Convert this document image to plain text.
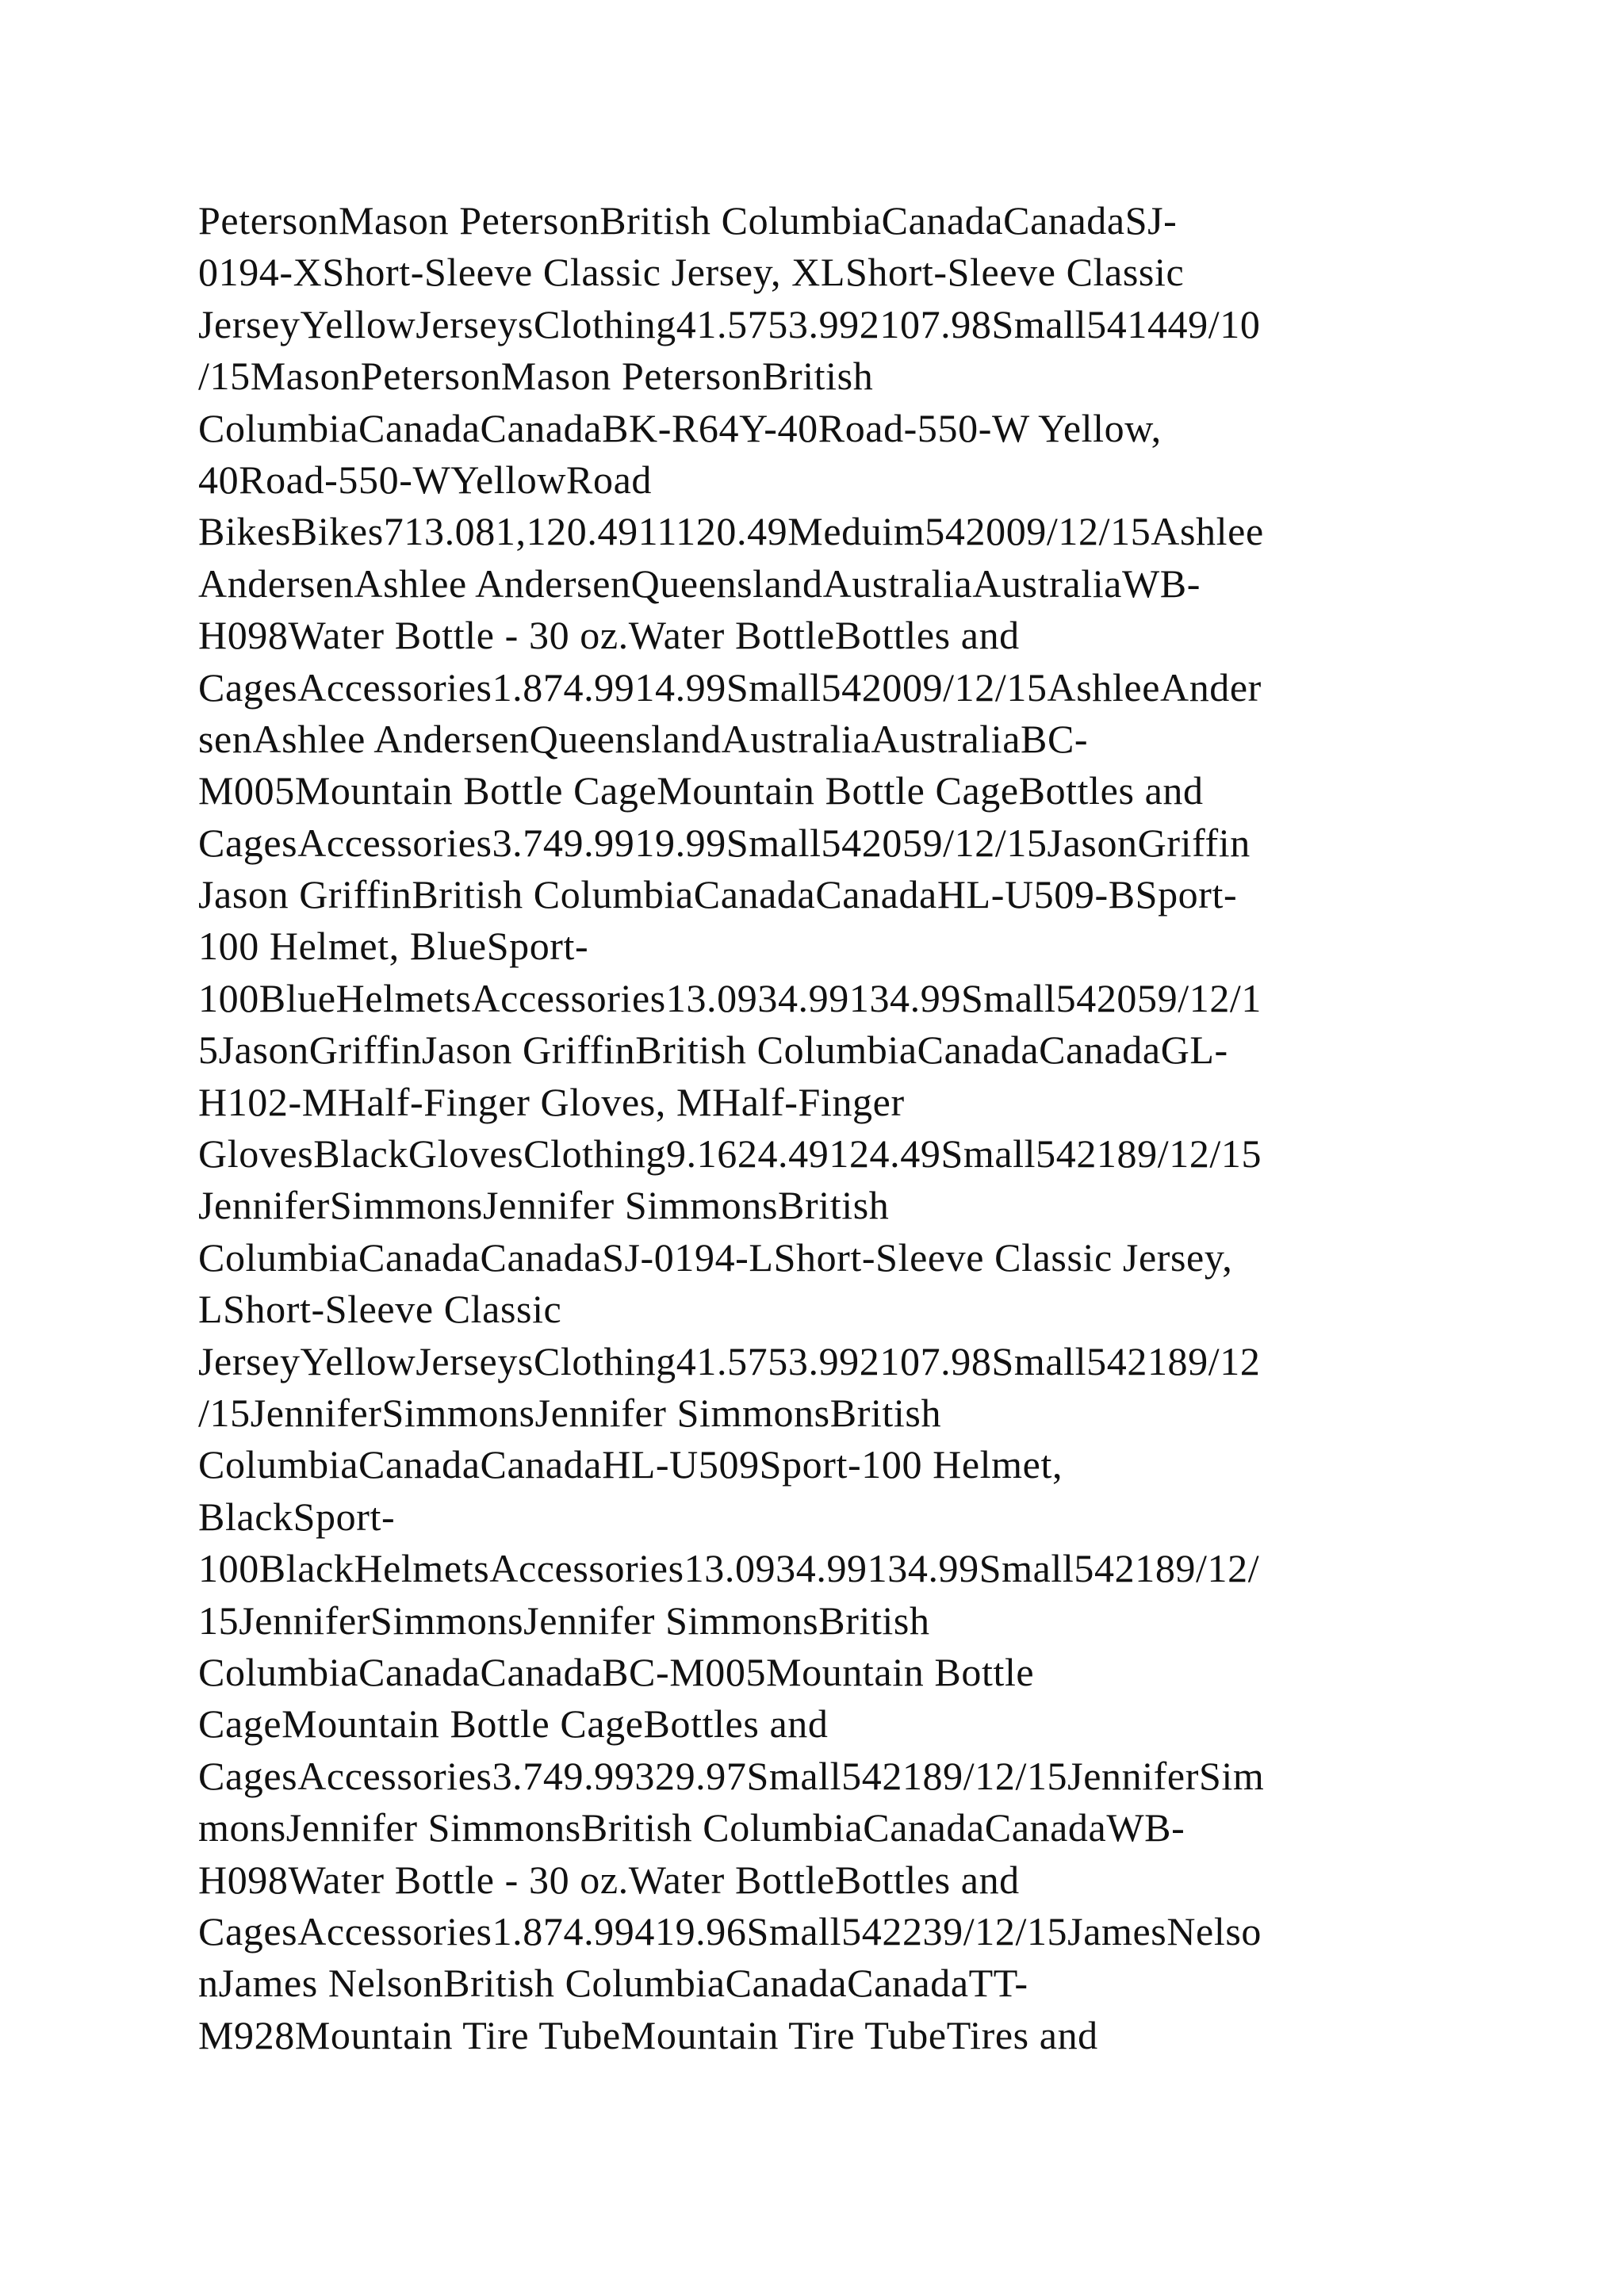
PetersonMason PetersonBritish ColumbiaCanadaCanadaSJ-
0194-XShort-Sleeve Classic Jersey, XLShort-Sleeve Classic
JerseyYellowJerseysClothing41.5753.992107.98Small541449/10
/15MasonPetersonMason PetersonBritish
ColumbiaCanadaCanadaBK-R64Y-40Road-550-W Yellow,
40Road-550-WYellowRoad
BikesBikes713.081,120.4911120.49Meduim542009/12/15Ashlee
AndersenAshlee AndersenQueenslandAustraliaAustraliaWB-
H098Water Bottle - 30 oz.Water BottleBottles and
CagesAccessories1.874.9914.99Small542009/12/15AshleeAnder
senAshlee AndersenQueenslandAustraliaAustraliaBC-
M005Mountain Bottle CageMountain Bottle CageBottles and
CagesAccessories3.749.9919.99Small542059/12/15JasonGriffin
Jason GriffinBritish ColumbiaCanadaCanadaHL-U509-BSport-
100 Helmet, BlueSport-
100BlueHelmetsAccessories13.0934.99134.99Small542059/12/1
5JasonGriffinJason GriffinBritish ColumbiaCanadaCanadaGL-
H102-MHalf-Finger Gloves, MHalf-Finger
GlovesBlackGlovesClothing9.1624.49124.49Small542189/12/15
JenniferSimmonsJennifer SimmonsBritish
ColumbiaCanadaCanadaSJ-0194-LShort-Sleeve Classic Jersey,
LShort-Sleeve Classic
JerseyYellowJerseysClothing41.5753.992107.98Small542189/12
/15JenniferSimmonsJennifer SimmonsBritish
ColumbiaCanadaCanadaHL-U509Sport-100 Helmet,
BlackSport-
100BlackHelmetsAccessories13.0934.99134.99Small542189/12/
15JenniferSimmonsJennifer SimmonsBritish
ColumbiaCanadaCanadaBC-M005Mountain Bottle
CageMountain Bottle CageBottles and
CagesAccessories3.749.99329.97Small542189/12/15JenniferSim
monsJennifer SimmonsBritish ColumbiaCanadaCanadaWB-
H098Water Bottle - 30 oz.Water BottleBottles and
CagesAccessories1.874.99419.96Small542239/12/15JamesNelso
nJames NelsonBritish ColumbiaCanadaCanadaTT-
M928Mountain Tire TubeMountain Tire TubeTires and
